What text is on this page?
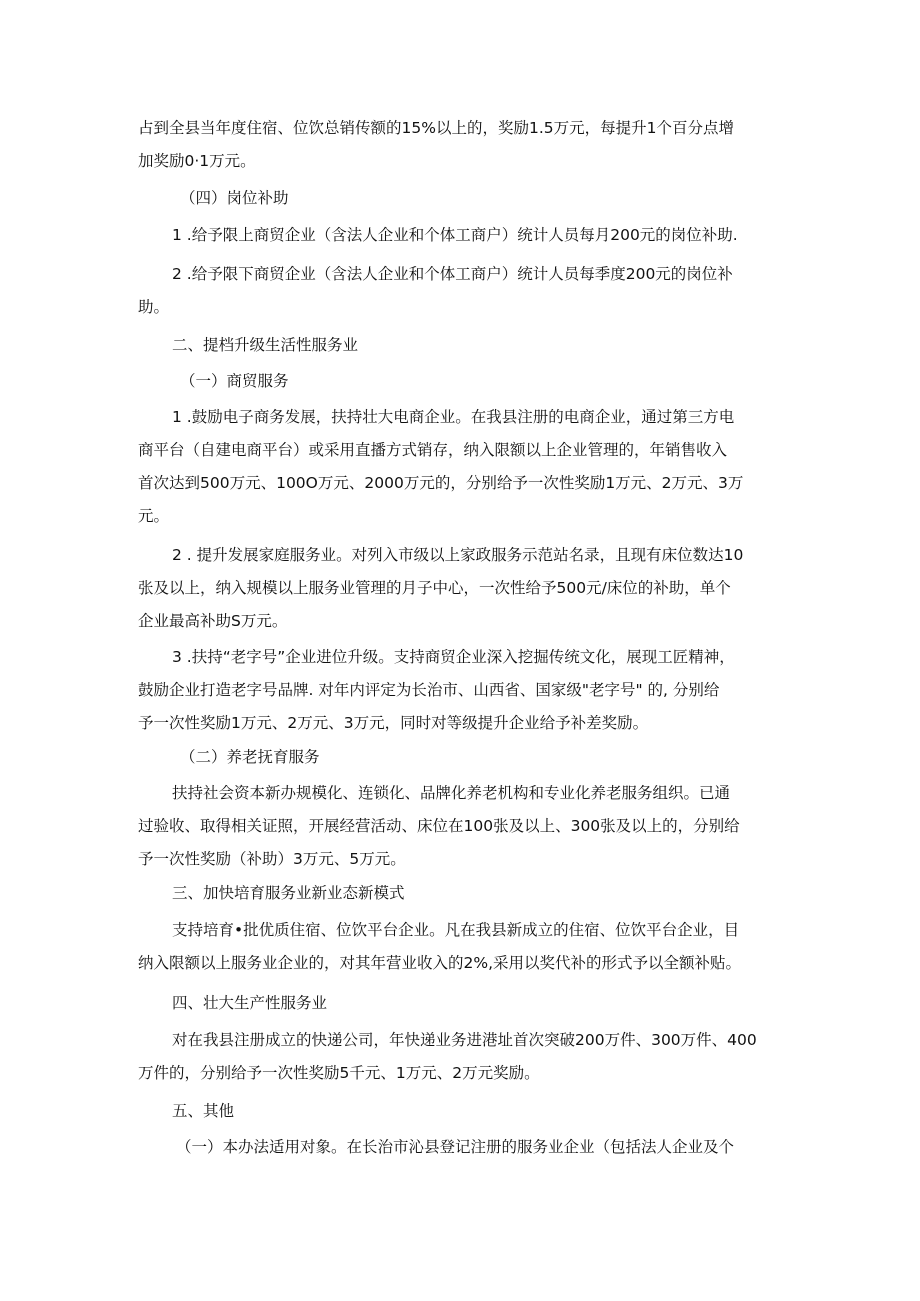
占到全县当年度住宿、位饮总销传额的15%以上的，奖励1.5万元，每提升1个百分点增
加奖励0·1万元。

（四）岗位补助

1 .给予限上商贸企业（含法人企业和个体工商户）统计人员每月200元的岗位补助.

2 .给予限下商贸企业（含法人企业和个体工商户）统计人员每季度200元的岗位补
助。

二、提档升级生活性服务业

（一）商贸服务

1 .鼓励电子商务发展，扶持壮大电商企业。在我县注册的电商企业，通过第三方电
商平台（自建电商平台）或采用直播方式销存，纳入限额以上企业管理的，年销售收入
首次达到500万元、100O万元、2000万元的，分别给予一次性奖励1万元、2万元、3万
元。

2 . 提升发展家庭服务业。对列入市级以上家政服务示范站名录，且现有床位数达10
张及以上，纳入规模以上服务业管理的月子中心，一次性给予500元/床位的补助，单个
企业最高补助S万元。

3 .扶持“老字号”企业进位升级。支持商贸企业深入挖掘传统文化，展现工匠精神，
鼓励企业打造老字号品牌. 对年内评定为长治市、山西省、国家级"老字号" 的, 分别给
予一次性奖励1万元、2万元、3万元，同时对等级提升企业给予补差奖励。

（二）养老抚育服务

扶持社会资本新办规模化、连锁化、品牌化养老机构和专业化养老服务组织。已通
过验收、取得相关证照，开展经营活动、床位在100张及以上、300张及以上的，分别给
予一次性奖励（补助）3万元、5万元。

三、加快培育服务业新业态新模式

支持培育•批优质住宿、位饮平台企业。凡在我县新成立的住宿、位饮平台企业，目
纳入限额以上服务业企业的，对其年营业收入的2%,采用以奖代补的形式予以全额补贴。

四、壮大生产性服务业

对在我县注册成立的快递公司，年快递业务进港址首次突破200万件、300万件、400
万件的，分别给予一次性奖励5千元、1万元、2万元奖励。

五、其他

（一）本办法适用对象。在长治市沁县登记注册的服务业企业（包括法人企业及个
